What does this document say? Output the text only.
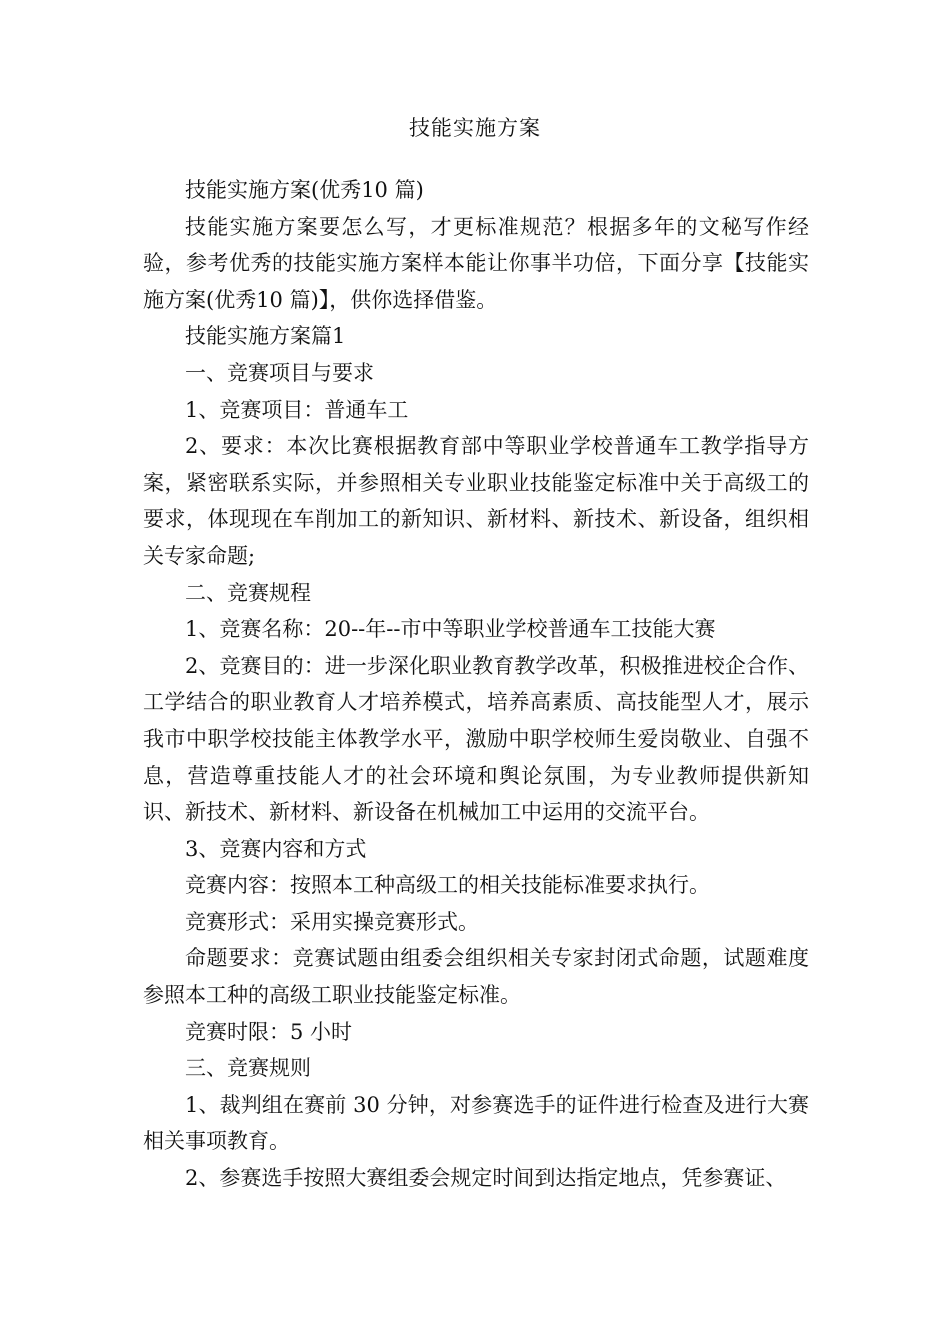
技能实施方案

技能实施方案(优秀10 篇)

技能实施方案要怎么写，才更标准规范？根据多年的文秘写作经验，参考优秀的技能实施方案样本能让你事半功倍，下面分享【技能实施方案(优秀10 篇)】，供你选择借鉴。

技能实施方案篇1

一、竞赛项目与要求

1、竞赛项目：普通车工

2、要求：本次比赛根据教育部中等职业学校普通车工教学指导方案，紧密联系实际，并参照相关专业职业技能鉴定标准中关于高级工的要求，体现现在车削加工的新知识、新材料、新技术、新设备，组织相关专家命题;

二、竞赛规程

1、竞赛名称：20--年--市中等职业学校普通车工技能大赛

2、竞赛目的：进一步深化职业教育教学改革，积极推进校企合作、工学结合的职业教育人才培养模式，培养高素质、高技能型人才，展示我市中职学校技能主体教学水平，激励中职学校师生爱岗敬业、自强不息，营造尊重技能人才的社会环境和舆论氛围，为专业教师提供新知识、新技术、新材料、新设备在机械加工中运用的交流平台。

3、竞赛内容和方式

竞赛内容：按照本工种高级工的相关技能标准要求执行。

竞赛形式：采用实操竞赛形式。

命题要求：竞赛试题由组委会组织相关专家封闭式命题，试题难度参照本工种的高级工职业技能鉴定标准。

竞赛时限：5 小时

三、竞赛规则

1、裁判组在赛前 30 分钟，对参赛选手的证件进行检查及进行大赛相关事项教育。

2、参赛选手按照大赛组委会规定时间到达指定地点，凭参赛证、
